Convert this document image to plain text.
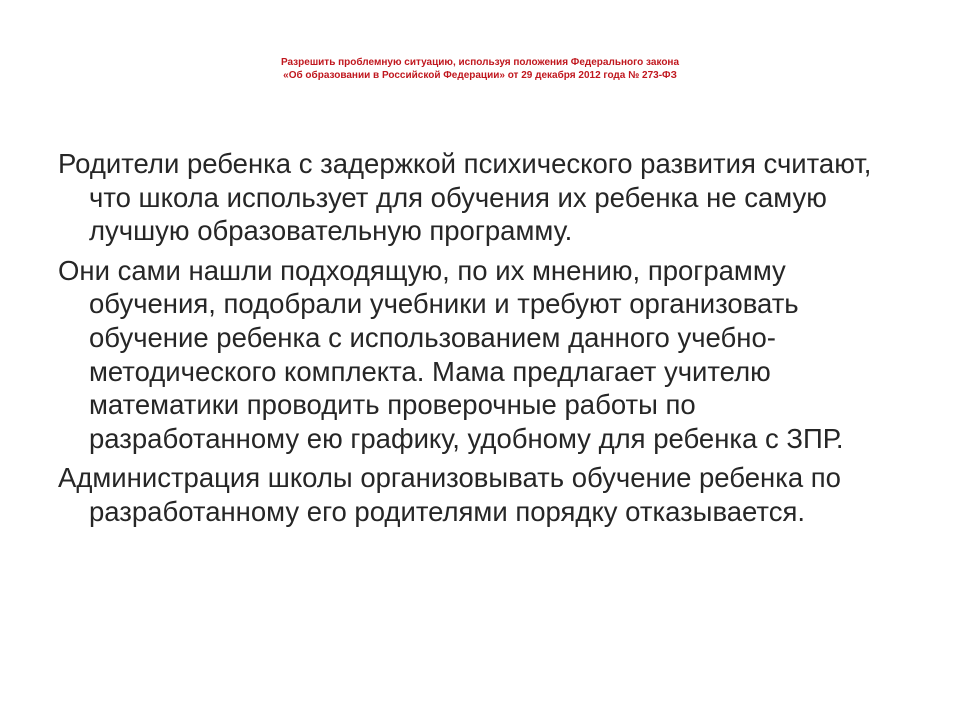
Разрешить проблемную ситуацию, используя положения Федерального закона
«Об образовании в Российской Федерации» от 29 декабря 2012 года № 273-ФЗ

Родители ребенка с задержкой психического развития считают, что школа использует для обучения их ребенка не самую лучшую образовательную программу.

Они сами нашли подходящую, по их мнению, программу обучения, подобрали учебники и требуют организовать обучение ребенка с использованием данного учебно-методического комплекта. Мама предлагает учителю математики проводить проверочные работы по разработанному ею графику, удобному для ребенка с ЗПР.

Администрация школы организовывать обучение ребенка по разработанному его родителями порядку отказывается.
